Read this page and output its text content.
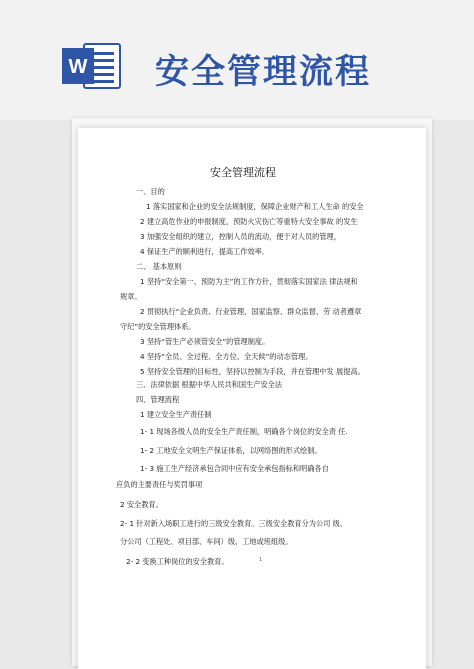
W 安全管理流程
安全管理流程
一、目的
1 落实国家和企业的安全法规制度，保障企业财产和工人生命 的安全
2 建立高危作业的申报制度，预防火灾伤亡等重特大安全事故 的发生
3 加强安全组织的建立，控制人员的流动，便于对人员的管理，
4 保证生产的顺利进行，提高工作效率．
二、 基本原则
1 坚持“安全第一、预防为主”的工作方针，贯彻落实国家法 律法规和
规章。
2 贯彻执行“企业负责、行业管理、国家监察、群众监督、劳 动者遵章
守纪”的安全管理体系。
3 坚持“管生产必须管安全”的管理制度。
4 坚持“全员、全过程、全方位、全天候”的动态管理。
5 坚持安全管理的目标性，坚持以控制为手段，并在管理中发 展提高。
三、法律依据 根据中华人民共和国生产安全法
四、管理流程
1 建立安全生产责任制
1- 1 现场各级人员的安全生产责任制，明确各个岗位的安全责 任.
1- 2 工地安全文明生产保证体系，以网络图的形式绘制。
1- 3 施工生产经济承包合同中应有安全承包指标和明确各自
应负的主要责任与奖罚事项
2 安全教育。
2- 1 针对新入场职工进行的三级安全教育。三级安全教育分为公司 级、
分公司（工程处、项目部、车间）级、工地或班组级。
2- 2 变换工种岗位的安全教育。	1
